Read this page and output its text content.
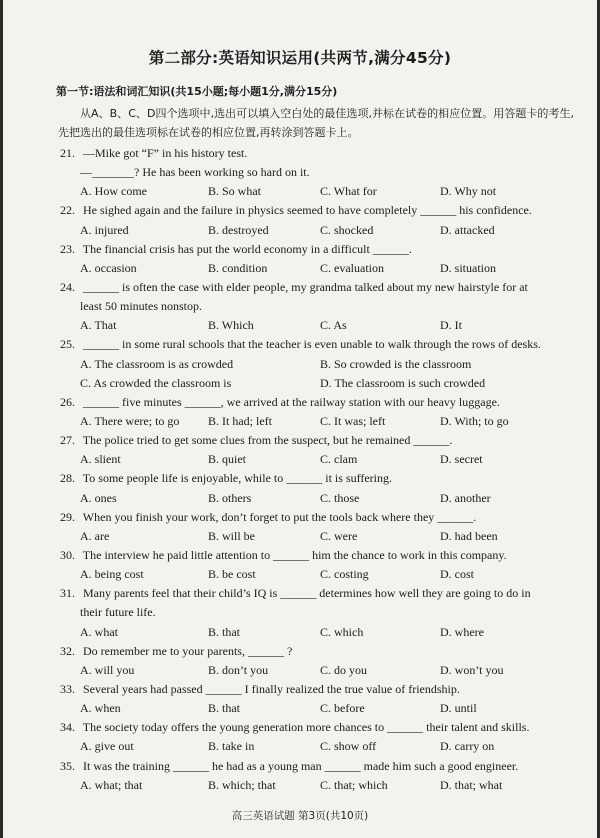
第二部分:英语知识运用(共两节,满分45分)
第一节:语法和词汇知识(共15小题;每小题1分,满分15分)
从A、B、C、D四个选项中,选出可以填入空白处的最佳选项,并标在试卷的相应位置。用答题卡的考生,先把选出的最佳选项标在试卷的相应位置,再转涂到答题卡上。
21. —Mike got “F” in his history test.
—_______? He has been working so hard on it.
A. How come	B. So what	C. What for	D. Why not
22. He sighed again and the failure in physics seemed to have completely ______ his confidence.
A. injured	B. destroyed	C. shocked	D. attacked
23. The financial crisis has put the world economy in a difficult ______.
A. occasion	B. condition	C. evaluation	D. situation
24. ______ is often the case with elder people, my grandma talked about my new hairstyle for at
least 50 minutes nonstop.
A. That	B. Which	C. As	D. It
25. ______ in some rural schools that the teacher is even unable to walk through the rows of desks.
A. The classroom is as crowded	B. So crowded is the classroom
C. As crowded the classroom is	D. The classroom is such crowded
26. ______ five minutes ______, we arrived at the railway station with our heavy luggage.
A. There were; to go B. It had; left	C. It was; left	D. With; to go
27. The police tried to get some clues from the suspect, but he remained ______.
A. slient	B. quiet	C. clam	D. secret
28. To some people life is enjoyable, while to ______ it is suffering.
A. ones	B. others	C. those	D. another
29. When you finish your work, don’t forget to put the tools back where they ______.
A. are	B. will be	C. were	D. had been
30. The interview he paid little attention to ______ him the chance to work in this company.
A. being cost	B. be cost	C. costing	D. cost
31. Many parents feel that their child’s IQ is ______ determines how well they are going to do in
their future life.
A. what	B. that	C. which	D. where
32. Do remember me to your parents, ______ ?
A. will you	B. don’t you	C. do you	D. won’t you
33. Several years had passed ______ I finally realized the true value of friendship.
A. when	B. that	C. before	D. until
34. The society today offers the young generation more chances to ______ their talent and skills.
A. give out	B. take in	C. show off	D. carry on
35. It was the training ______ he had as a young man ______ made him such a good engineer.
A. what; that	B. which; that	C. that; which	D. that; what
高三英语试题 第3页(共10页)
